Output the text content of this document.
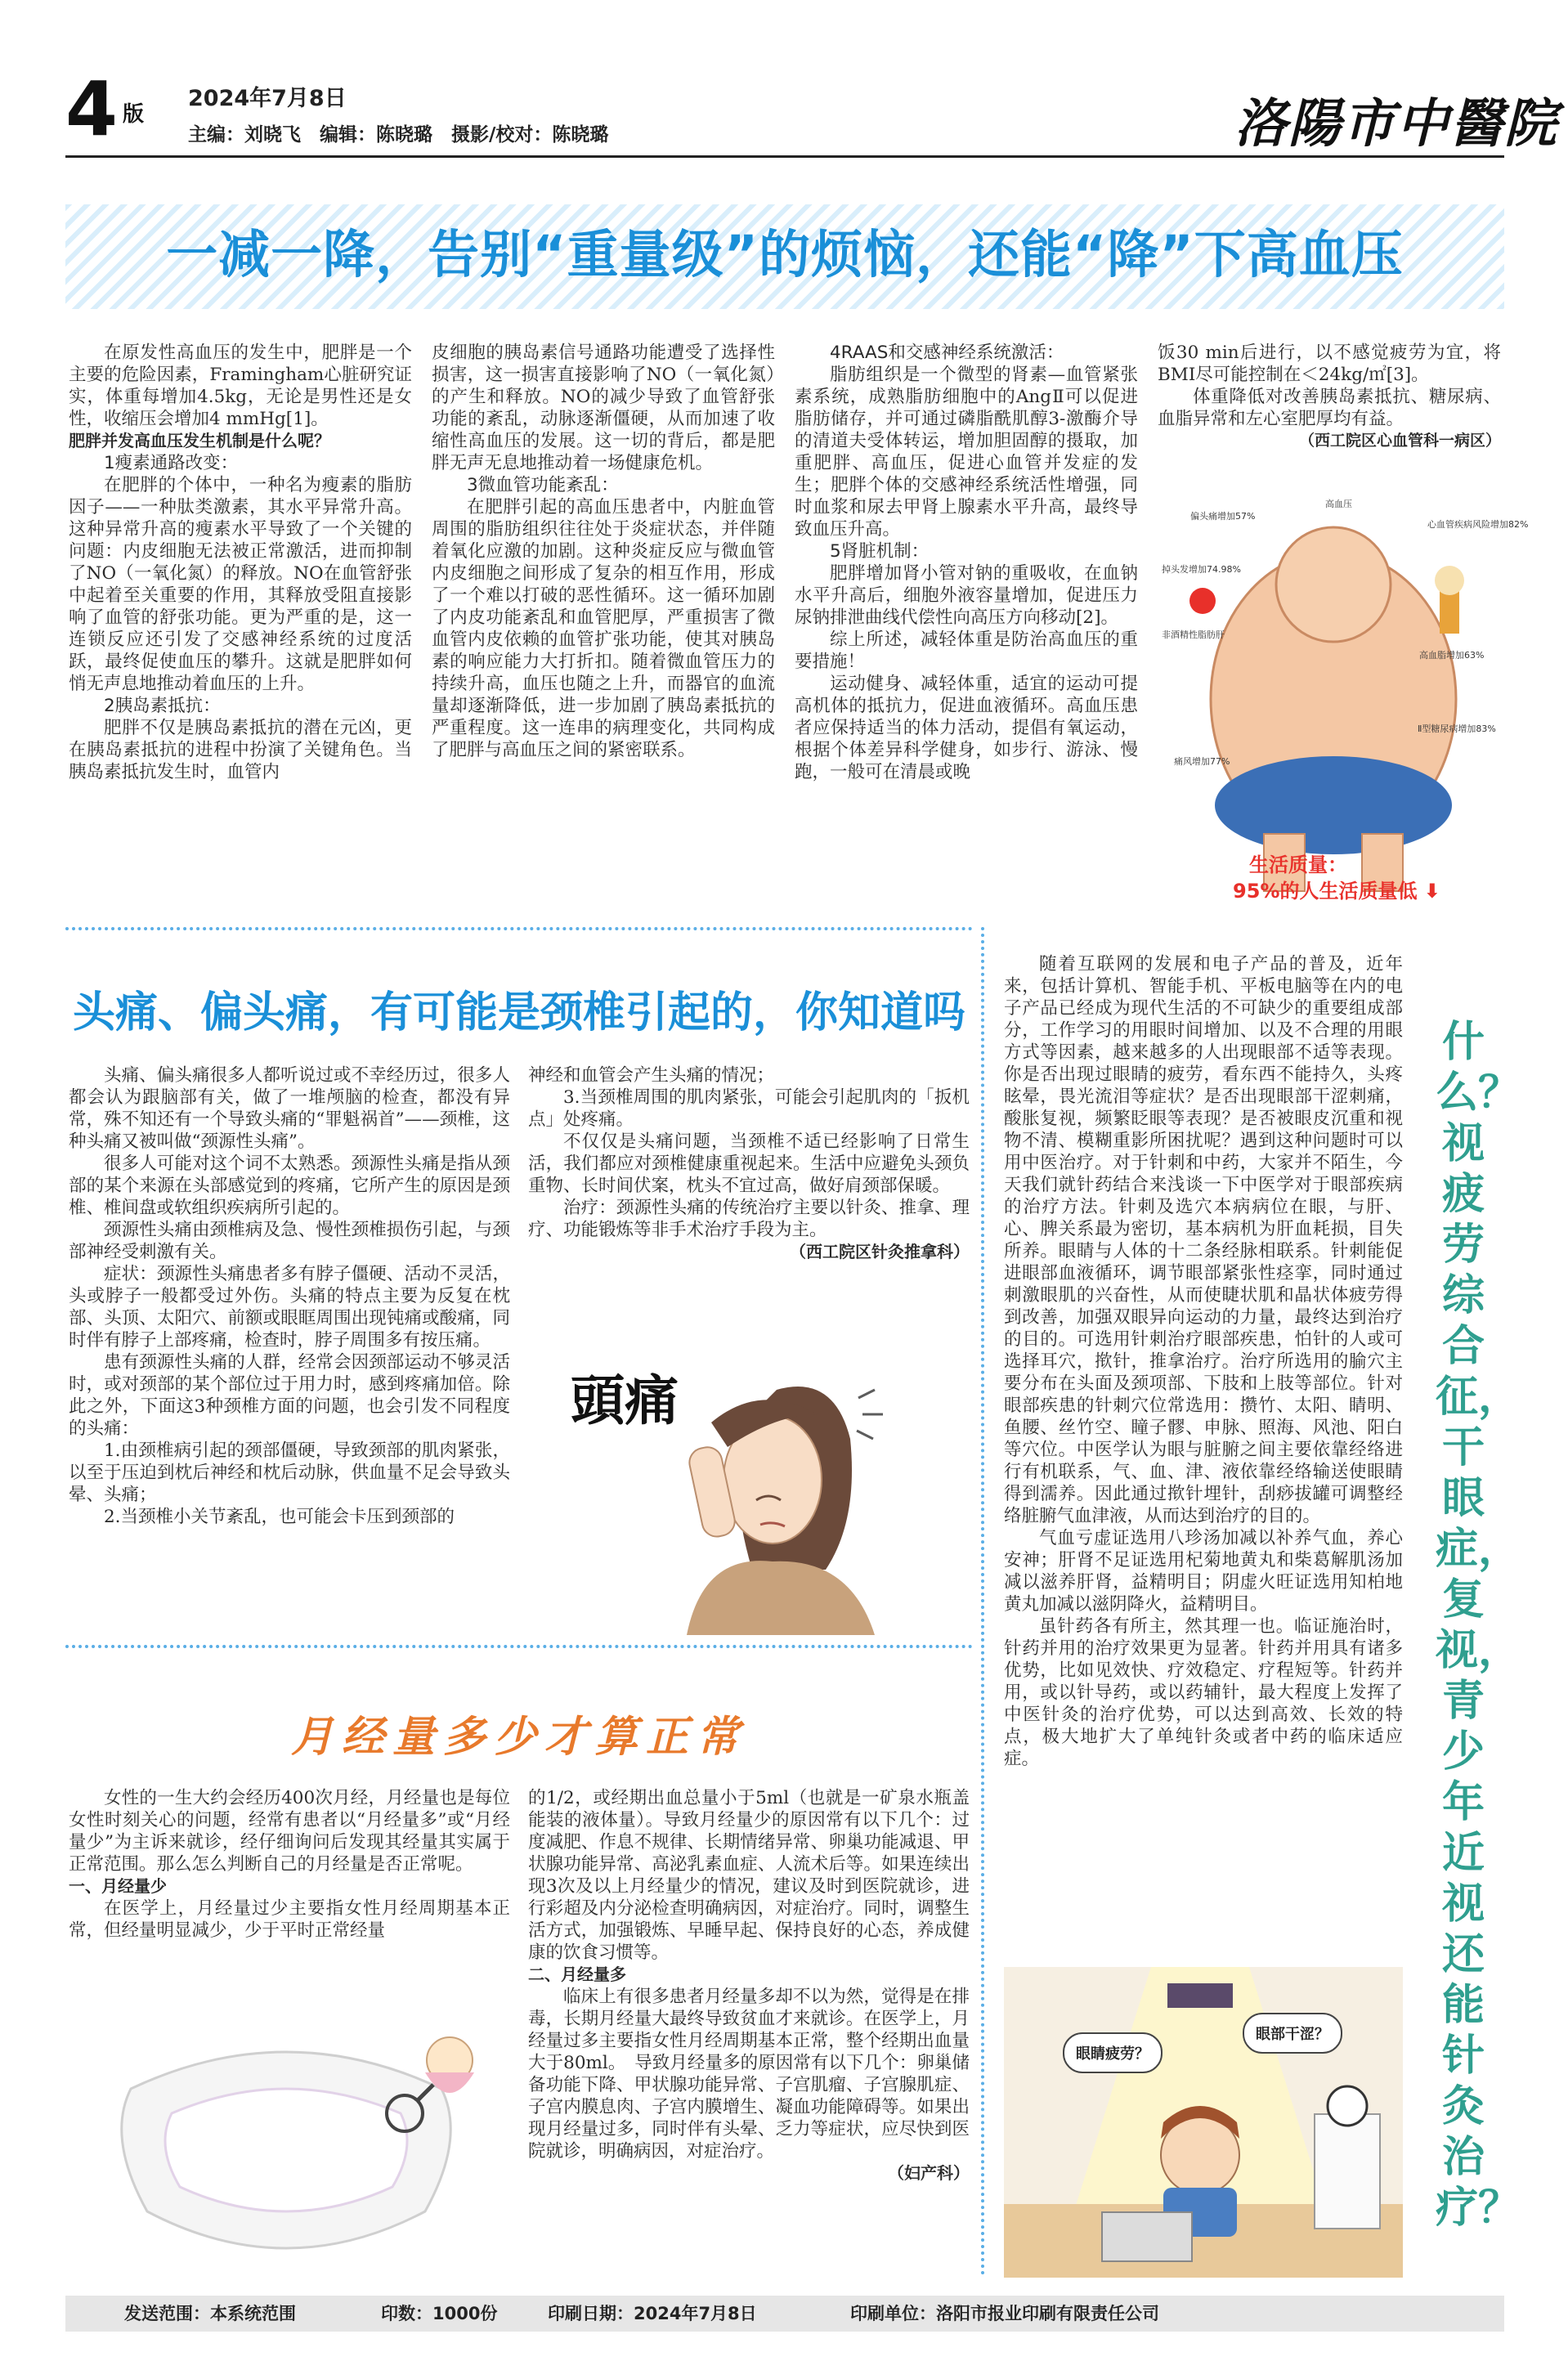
4 版
2024年7月8日
主编：刘晓飞　编辑：陈晓璐　摄影/校对：陈晓璐	洛陽市中醫院
一减一降，告别“重量级”的烦恼，还能“降”下高血压

在原发性高血压的发生中，肥胖是一个主要的危险因素，Framingham心脏研究证实，体重每增加4.5kg，无论是男性还是女性，收缩压会增加4 mmHg[1]。

肥胖并发高血压发生机制是什么呢？

1瘦素通路改变：

在肥胖的个体中，一种名为瘦素的脂肪因子——一种肽类激素，其水平异常升高。这种异常升高的瘦素水平导致了一个关键的问题：内皮细胞无法被正常激活，进而抑制了NO（一氧化氮）的释放。NO在血管舒张中起着至关重要的作用，其释放受阻直接影响了血管的舒张功能。更为严重的是，这一连锁反应还引发了交感神经系统的过度活跃，最终促使血压的攀升。这就是肥胖如何悄无声息地推动着血压的上升。

2胰岛素抵抗：

肥胖不仅是胰岛素抵抗的潜在元凶，更在胰岛素抵抗的进程中扮演了关键角色。当胰岛素抵抗发生时，血管内

皮细胞的胰岛素信号通路功能遭受了选择性损害，这一损害直接影响了NO（一氧化氮）的产生和释放。NO的减少导致了血管舒张功能的紊乱，动脉逐渐僵硬，从而加速了收缩性高血压的发展。这一切的背后，都是肥胖无声无息地推动着一场健康危机。

3微血管功能紊乱：

在肥胖引起的高血压患者中，内脏血管周围的脂肪组织往往处于炎症状态，并伴随着氧化应激的加剧。这种炎症反应与微血管内皮细胞之间形成了复杂的相互作用，形成了一个难以打破的恶性循环。这一循环加剧了内皮功能紊乱和血管肥厚，严重损害了微血管内皮依赖的血管扩张功能，使其对胰岛素的响应能力大打折扣。随着微血管压力的持续升高，血压也随之上升，而器官的血流量却逐渐降低，进一步加剧了胰岛素抵抗的严重程度。这一连串的病理变化，共同构成了肥胖与高血压之间的紧密联系。

4RAAS和交感神经系统激活：

脂肪组织是一个微型的肾素—血管紧张素系统，成熟脂肪细胞中的AngⅡ可以促进脂肪储存，并可通过磷脂酰肌醇3-激酶介导的清道夫受体转运，增加胆固醇的摄取，加重肥胖、高血压，促进心血管并发症的发生；肥胖个体的交感神经系统活性增强，同时血浆和尿去甲肾上腺素水平升高，最终导致血压升高。

5肾脏机制：

肥胖增加肾小管对钠的重吸收，在血钠水平升高后，细胞外液容量增加，促进压力尿钠排泄曲线代偿性向高压方向移动[2]。

综上所述，减轻体重是防治高血压的重要措施！

运动健身、减轻体重，适宜的运动可提高机体的抵抗力，促进血液循环。高血压患者应保持适当的体力活动，提倡有氧运动，根据个体差异科学健身，如步行、游泳、慢跑，一般可在清晨或晚

饭30 min后进行，以不感觉疲劳为宜，将BMI尽可能控制在＜24kg/㎡[3]。

体重降低对改善胰岛素抵抗、糖尿病、血脂异常和左心室肥厚均有益。

（西工院区心血管科一病区）
偏头痛增加57%
高血压
掉头发增加74.98%
心血管疾病风险增加82%
非酒精性脂肪肝
高血脂增加63%
Ⅱ型糖尿病增加83%
痛风增加77%
生活质量：
95%的人生活质量低 ⬇
头痛、偏头痛，有可能是颈椎引起的，你知道吗

头痛、偏头痛很多人都听说过或不幸经历过，很多人都会认为跟脑部有关，做了一堆颅脑的检查，都没有异常，殊不知还有一个导致头痛的“罪魁祸首”——颈椎，这种头痛又被叫做“颈源性头痛”。

很多人可能对这个词不太熟悉。颈源性头痛是指从颈部的某个来源在头部感觉到的疼痛，它所产生的原因是颈椎、椎间盘或软组织疾病所引起的。

颈源性头痛由颈椎病及急、慢性颈椎损伤引起，与颈部神经受刺激有关。

症状：颈源性头痛患者多有脖子僵硬、活动不灵活，头或脖子一般都受过外伤。头痛的特点主要为反复在枕部、头顶、太阳穴、前额或眼眶周围出现钝痛或酸痛，同时伴有脖子上部疼痛，检查时，脖子周围多有按压痛。

患有颈源性头痛的人群，经常会因颈部运动不够灵活时，或对颈部的某个部位过于用力时，感到疼痛加倍。除此之外，下面这3种颈椎方面的问题，也会引发不同程度的头痛：

1.由颈椎病引起的颈部僵硬，导致颈部的肌肉紧张，以至于压迫到枕后神经和枕后动脉，供血量不足会导致头晕、头痛；

2.当颈椎小关节紊乱，也可能会卡压到颈部的

神经和血管会产生头痛的情况；

3.当颈椎周围的肌肉紧张，可能会引起肌肉的「扳机点」处疼痛。

不仅仅是头痛问题，当颈椎不适已经影响了日常生活，我们都应对颈椎健康重视起来。生活中应避免头颈负重物、长时间伏案，枕头不宜过高，做好肩颈部保暖。

治疗：颈源性头痛的传统治疗主要以针灸、推拿、理疗、功能锻炼等非手术治疗手段为主。

（西工院区针灸推拿科）
頭痛
月经量多少才算正常

女性的一生大约会经历400次月经，月经量也是每位女性时刻关心的问题，经常有患者以“月经量多”或“月经量少”为主诉来就诊，经仔细询问后发现其经量其实属于正常范围。那么怎么判断自己的月经量是否正常呢。

一、月经量少

在医学上，月经量过少主要指女性月经周期基本正常，但经量明显减少，少于平时正常经量

的1/2，或经期出血总量小于5ml（也就是一矿泉水瓶盖能装的液体量）。导致月经量少的原因常有以下几个：过度减肥、作息不规律、长期情绪异常、卵巢功能减退、甲状腺功能异常、高泌乳素血症、人流术后等。如果连续出现3次及以上月经量少的情况，建议及时到医院就诊，进行彩超及内分泌检查明确病因，对症治疗。同时，调整生活方式，加强锻炼、早睡早起、保持良好的心态，养成健康的饮食习惯等。

二、月经量多

临床上有很多患者月经量多却不以为然，觉得是在排毒，长期月经量大最终导致贫血才来就诊。在医学上，月经量过多主要指女性月经周期基本正常，整个经期出血量大于80ml。　导致月经量多的原因常有以下几个：卵巢储备功能下降、甲状腺功能异常、子宫肌瘤、子宫腺肌症、子宫内膜息肉、子宫内膜增生、凝血功能障碍等。如果出现月经量过多，同时伴有头晕、乏力等症状，应尽快到医院就诊，明确病因，对症治疗。

（妇产科）

随着互联网的发展和电子产品的普及，近年来，包括计算机、智能手机、平板电脑等在内的电子产品已经成为现代生活的不可缺少的重要组成部分，工作学习的用眼时间增加、以及不合理的用眼方式等因素，越来越多的人出现眼部不适等表现。你是否出现过眼睛的疲劳，看东西不能持久，头疼眩晕，畏光流泪等症状？是否出现眼部干涩刺痛，酸胀复视，频繁眨眼等表现？是否被眼皮沉重和视物不清、模糊重影所困扰呢？遇到这种问题时可以用中医治疗。对于针刺和中药，大家并不陌生，今天我们就针药结合来浅谈一下中医学对于眼部疾病的治疗方法。针刺及选穴本病病位在眼，与肝、心、脾关系最为密切，基本病机为肝血耗损，目失所养。眼睛与人体的十二条经脉相联系。针刺能促进眼部血液循环，调节眼部紧张性痉挛，同时通过刺激眼肌的兴奋性，从而使睫状肌和晶状体疲劳得到改善，加强双眼异向运动的力量，最终达到治疗的目的。可选用针刺治疗眼部疾患，怕针的人或可选择耳穴，揿针，推拿治疗。治疗所选用的腧穴主要分布在头面及颈项部、下肢和上肢等部位。针对眼部疾患的针刺穴位常选用：攒竹、太阳、睛明、鱼腰、丝竹空、瞳子髎、申脉、照海、风池、阳白等穴位。中医学认为眼与脏腑之间主要依靠经络进行有机联系，气、血、津、液依靠经络输送使眼睛得到濡养。因此通过揿针埋针，刮痧拔罐可调整经络脏腑气血津液，从而达到治疗的目的。

气血亏虚证选用八珍汤加减以补养气血，养心安神；肝肾不足证选用杞菊地黄丸和柴葛解肌汤加减以滋养肝肾，益精明目；阴虚火旺证选用知柏地黄丸加减以滋阴降火，益精明目。

虽针药各有所主，然其理一也。临证施治时，针药并用的治疗效果更为显著。针药并用具有诸多优势，比如见效快、疗效稳定、疗程短等。针药并用，或以针导药，或以药辅针，最大程度上发挥了中医针灸的治疗优势，可以达到高效、长效的特点，极大地扩大了单纯针灸或者中药的临床适应症。

什么？视疲劳综合征，干眼症，复视，青少年近视还能针灸治疗？
眼睛疲劳？
眼部干涩？
发送范围：本系统范围	印数：1000份	印刷日期：2024年7月8日	印刷单位：洛阳市报业印刷有限责任公司
